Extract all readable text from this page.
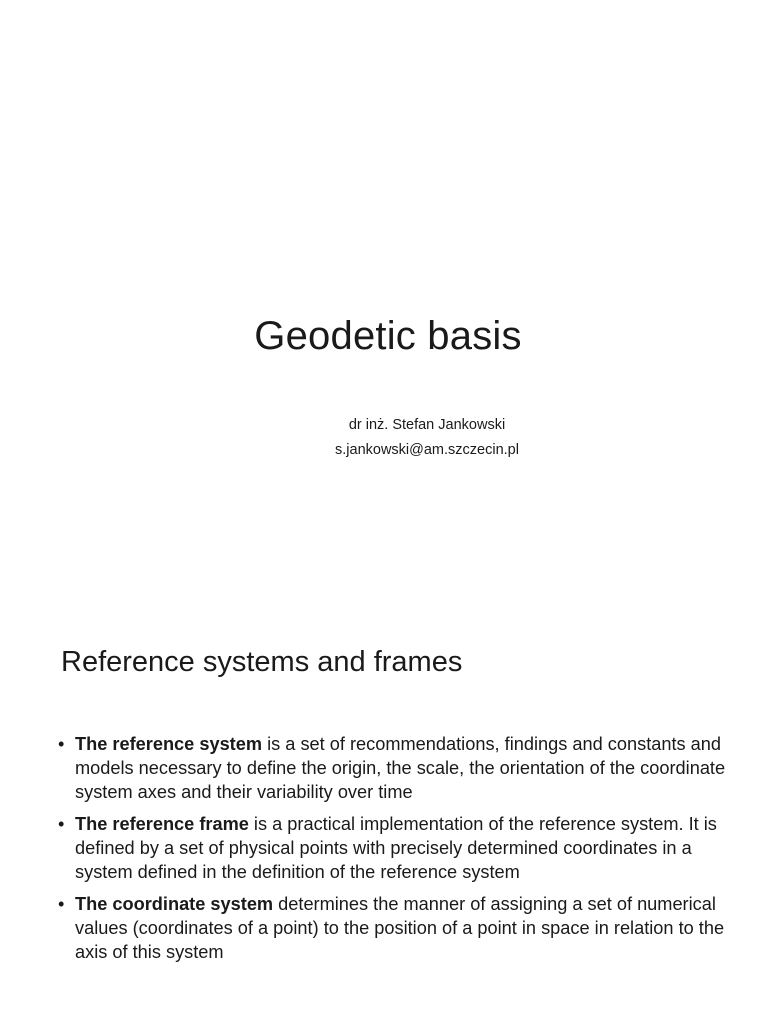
Geodetic basis
dr inż. Stefan Jankowski
s.jankowski@am.szczecin.pl
Reference systems and frames
• The reference system is a set of recommendations, findings and constants and models necessary to define the origin, the scale, the orientation of the coordinate system axes and their variability over time
• The reference frame is a practical implementation of the reference system. It is defined by a set of physical points with precisely determined coordinates in a system defined in the definition of the reference system
• The coordinate system determines the manner of assigning a set of numerical values (coordinates of a point) to the position of a point in space in relation to the axis of this system
